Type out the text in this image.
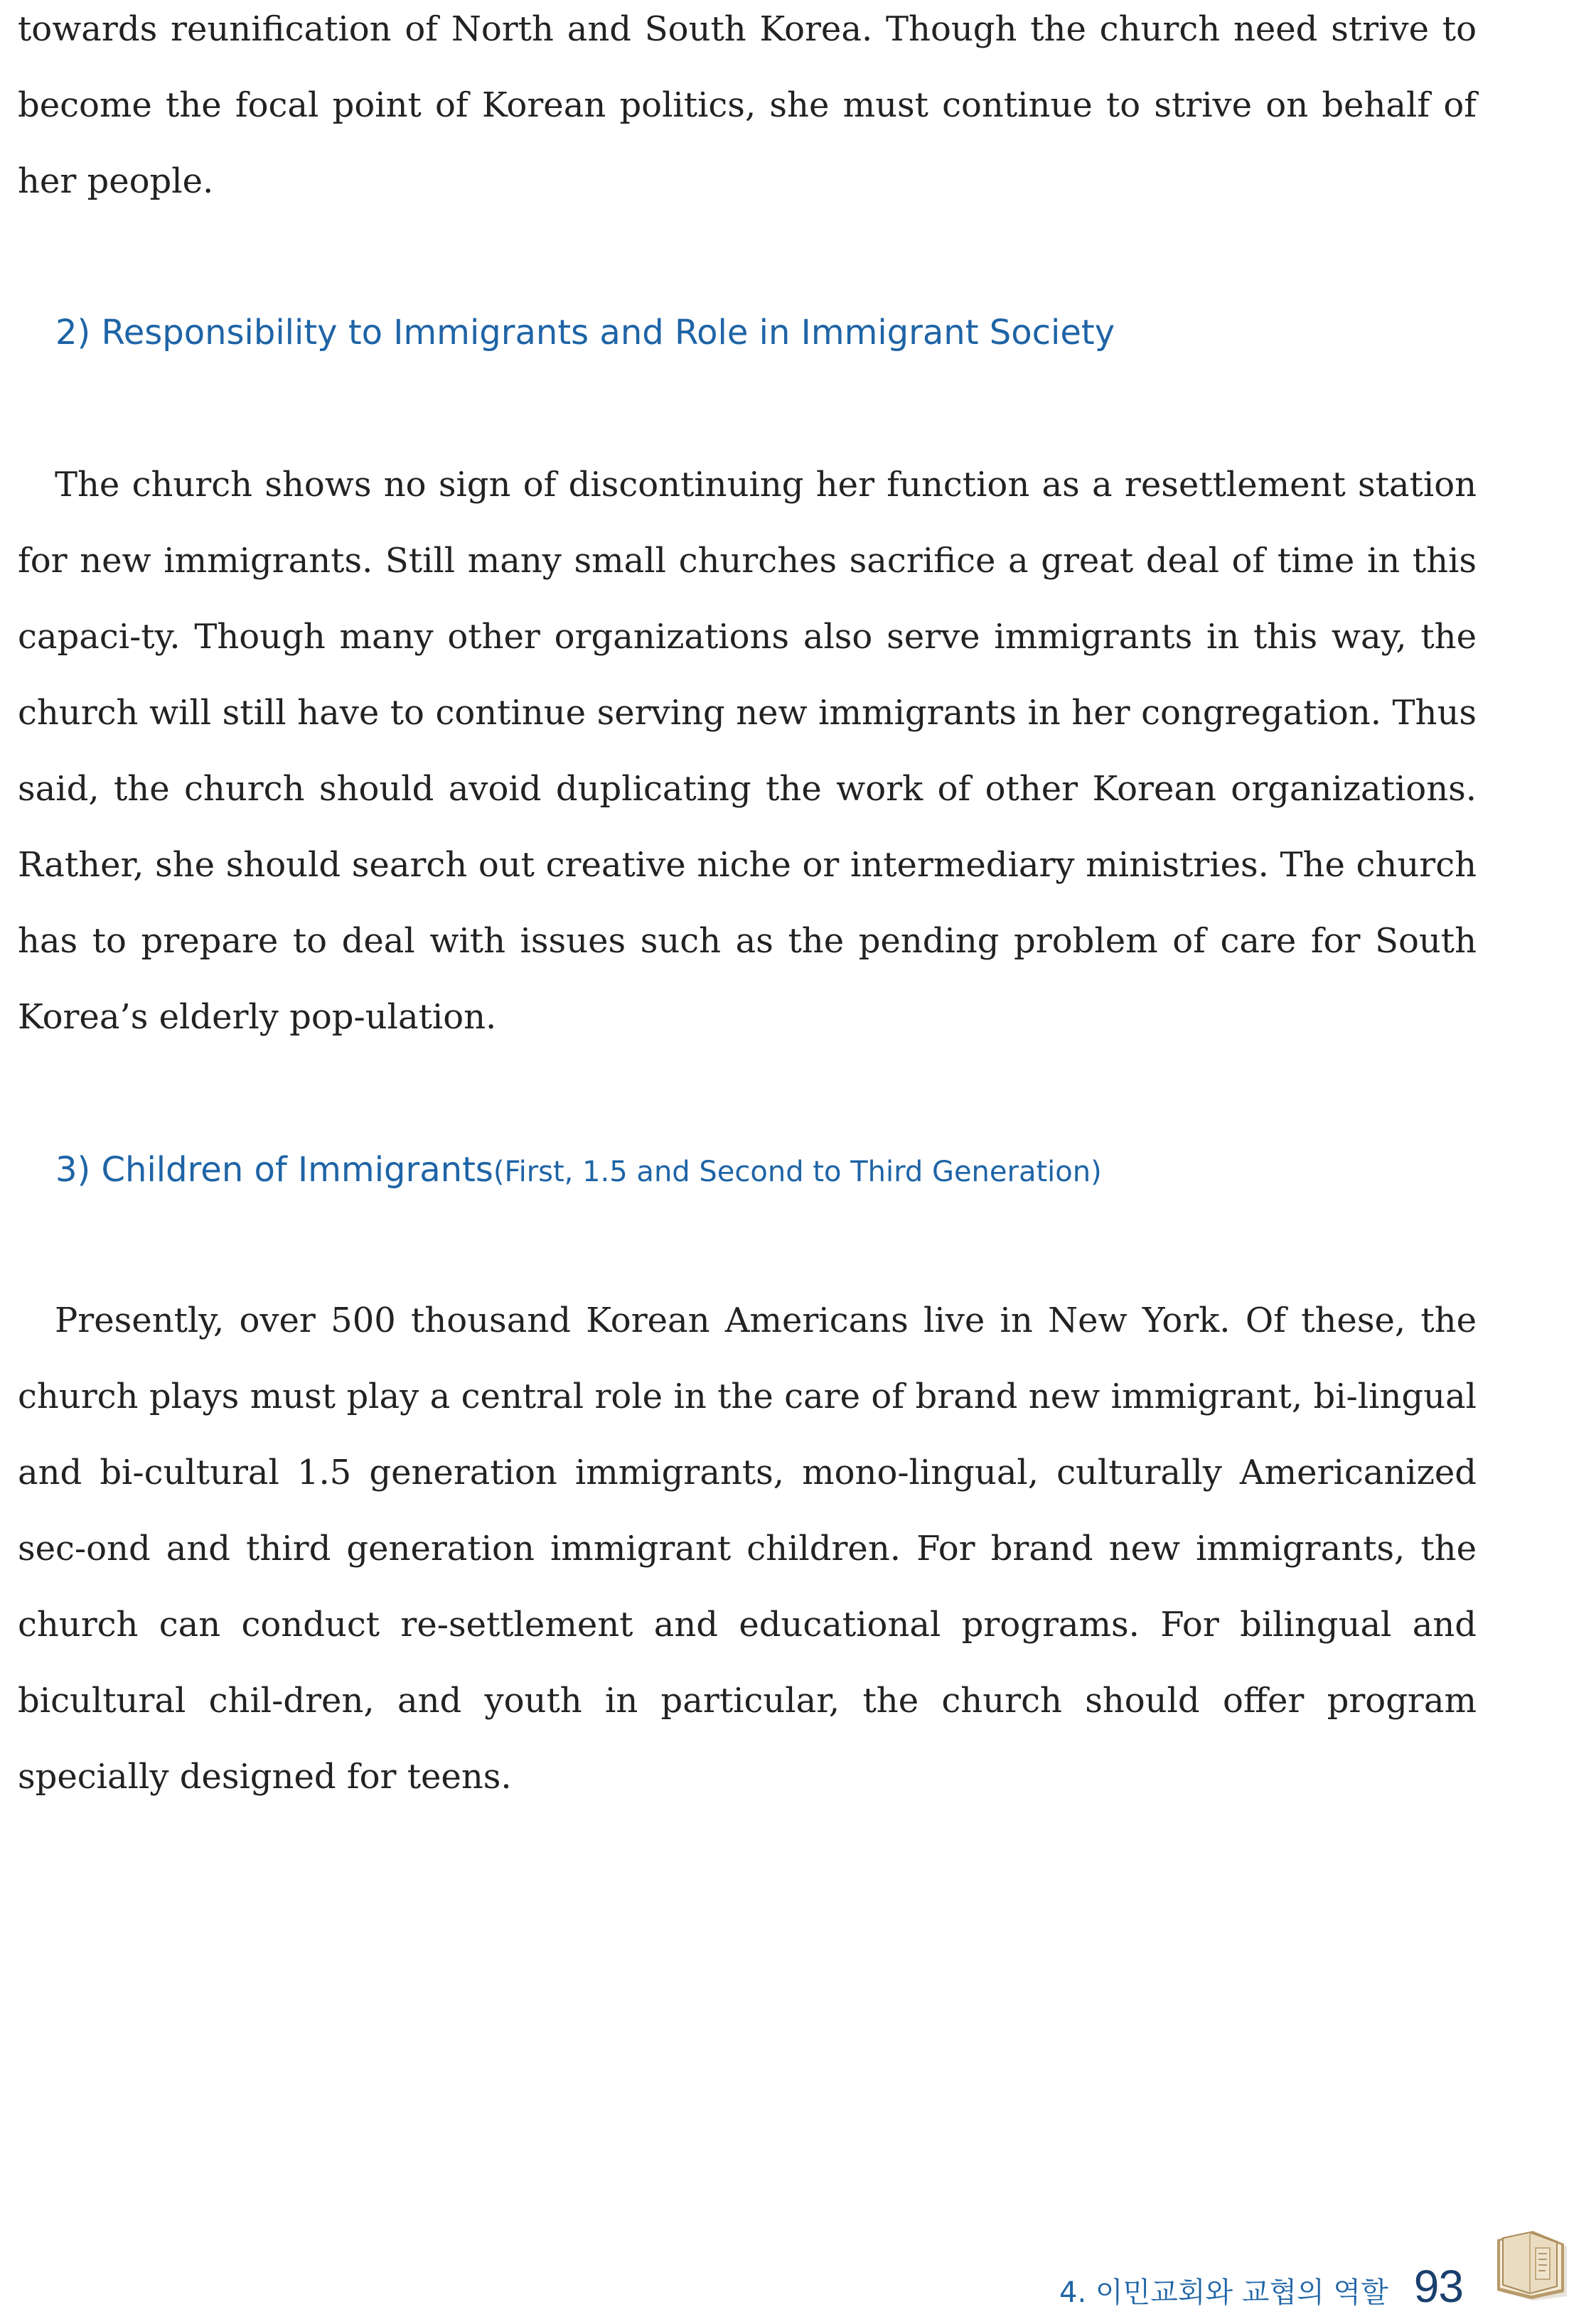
towards reunification of North and South Korea. Though the church need strive to become the focal point of Korean politics, she must continue to strive on behalf of her people.

2) Responsibility to Immigrants and Role in Immigrant Society

The church shows no sign of discontinuing her function as a resettlement station for new immigrants. Still many small churches sacrifice a great deal of time in this capaci-ty. Though many other organizations also serve immigrants in this way, the church will still have to continue serving new immigrants in her congregation. Thus said, the church should avoid duplicating the work of other Korean organizations. Rather, she should search out creative niche or intermediary ministries. The church has to prepare to deal with issues such as the pending problem of care for South Korea’s elderly pop-ulation.

3) Children of Immigrants(First, 1.5 and Second to Third Generation)

Presently, over 500 thousand Korean Americans live in New York. Of these, the church plays must play a central role in the care of brand new immigrant, bi-lingual and bi-cultural 1.5 generation immigrants, mono-lingual, culturally Americanized sec-ond and third generation immigrant children. For brand new immigrants, the church can conduct re-settlement and educational programs. For bilingual and bicultural chil-dren, and youth in particular, the church should offer program specially designed for teens.

4. 이민교회와 교협의 역할 93
